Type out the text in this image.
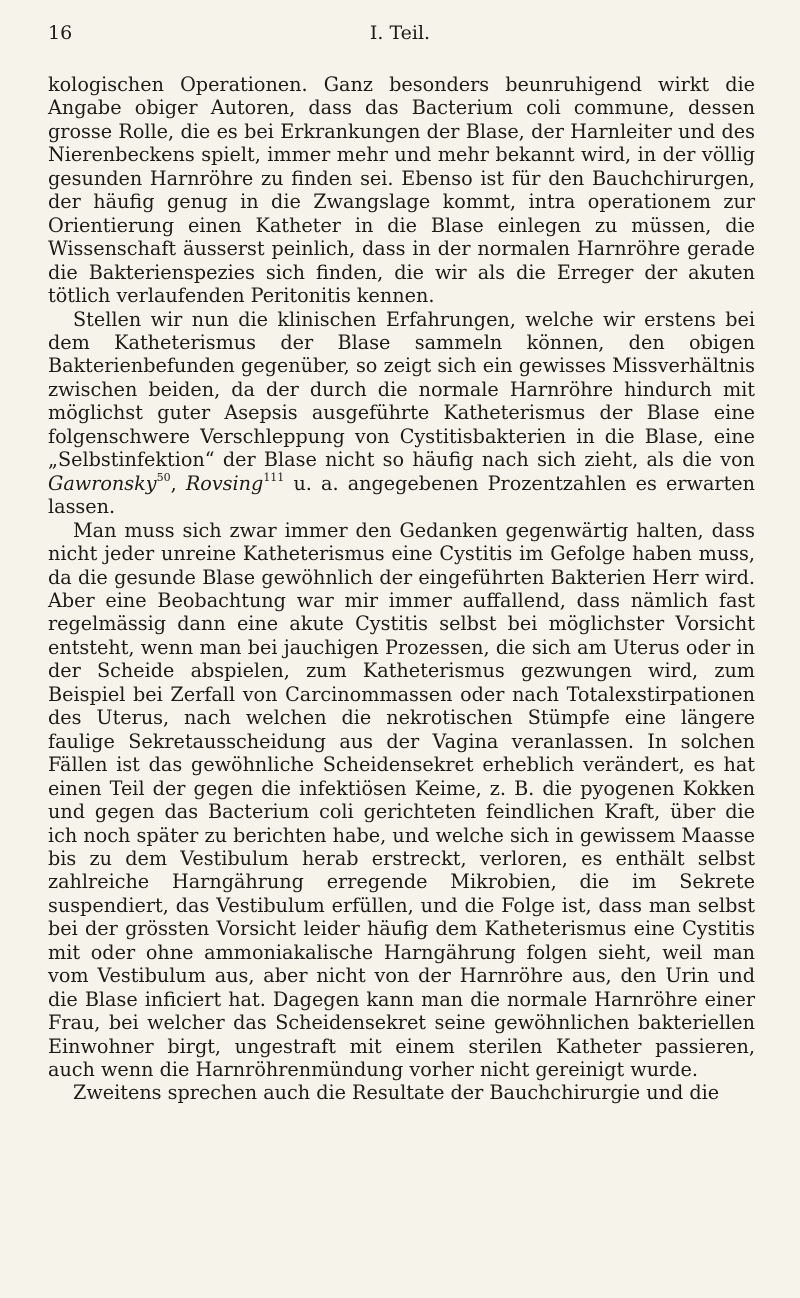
16	I. Teil.

kologischen Operationen. Ganz besonders beunruhigend wirkt die Angabe obiger Autoren, dass das Bacterium coli commune, dessen grosse Rolle, die es bei Erkrankungen der Blase, der Harnleiter und des Nierenbeckens spielt, immer mehr und mehr bekannt wird, in der völlig gesunden Harnröhre zu finden sei. Ebenso ist für den Bauchchirurgen, der häufig genug in die Zwangslage kommt, intra operationem zur Orientierung einen Katheter in die Blase einlegen zu müssen, die Wissenschaft äusserst peinlich, dass in der normalen Harnröhre gerade die Bakterienspezies sich finden, die wir als die Erreger der akuten tötlich verlaufenden Peritonitis kennen.

Stellen wir nun die klinischen Erfahrungen, welche wir erstens bei dem Katheterismus der Blase sammeln können, den obigen Bakterienbefunden gegenüber, so zeigt sich ein gewisses Missverhältnis zwischen beiden, da der durch die normale Harnröhre hindurch mit möglichst guter Asepsis ausgeführte Katheterismus der Blase eine folgenschwere Verschleppung von Cystitisbakterien in die Blase, eine „Selbstinfektion“ der Blase nicht so häufig nach sich zieht, als die von Gawronsky$^{50}$, Rovsing$^{111}$ u. a. angegebenen Prozentzahlen es erwarten lassen.

Man muss sich zwar immer den Gedanken gegenwärtig halten, dass nicht jeder unreine Katheterismus eine Cystitis im Gefolge haben muss, da die gesunde Blase gewöhnlich der eingeführten Bakterien Herr wird. Aber eine Beobachtung war mir immer auffallend, dass nämlich fast regelmässig dann eine akute Cystitis selbst bei möglichster Vorsicht entsteht, wenn man bei jauchigen Prozessen, die sich am Uterus oder in der Scheide abspielen, zum Katheterismus gezwungen wird, zum Beispiel bei Zerfall von Carcinommassen oder nach Totalexstirpationen des Uterus, nach welchen die nekrotischen Stümpfe eine längere faulige Sekretausscheidung aus der Vagina veranlassen. In solchen Fällen ist das gewöhnliche Scheidensekret erheblich verändert, es hat einen Teil der gegen die infektiösen Keime, z. B. die pyogenen Kokken und gegen das Bacterium coli gerichteten feindlichen Kraft, über die ich noch später zu berichten habe, und welche sich in gewissem Maasse bis zu dem Vestibulum herab erstreckt, verloren, es enthält selbst zahlreiche Harngährung erregende Mikrobien, die im Sekrete suspendiert, das Vestibulum erfüllen, und die Folge ist, dass man selbst bei der grössten Vorsicht leider häufig dem Katheterismus eine Cystitis mit oder ohne ammoniakalische Harngährung folgen sieht, weil man vom Vestibulum aus, aber nicht von der Harnröhre aus, den Urin und die Blase inficiert hat. Dagegen kann man die normale Harnröhre einer Frau, bei welcher das Scheidensekret seine gewöhnlichen bakteriellen Einwohner birgt, ungestraft mit einem sterilen Katheter passieren, auch wenn die Harnröhrenmündung vorher nicht gereinigt wurde.

Zweitens sprechen auch die Resultate der Bauchchirurgie und die
